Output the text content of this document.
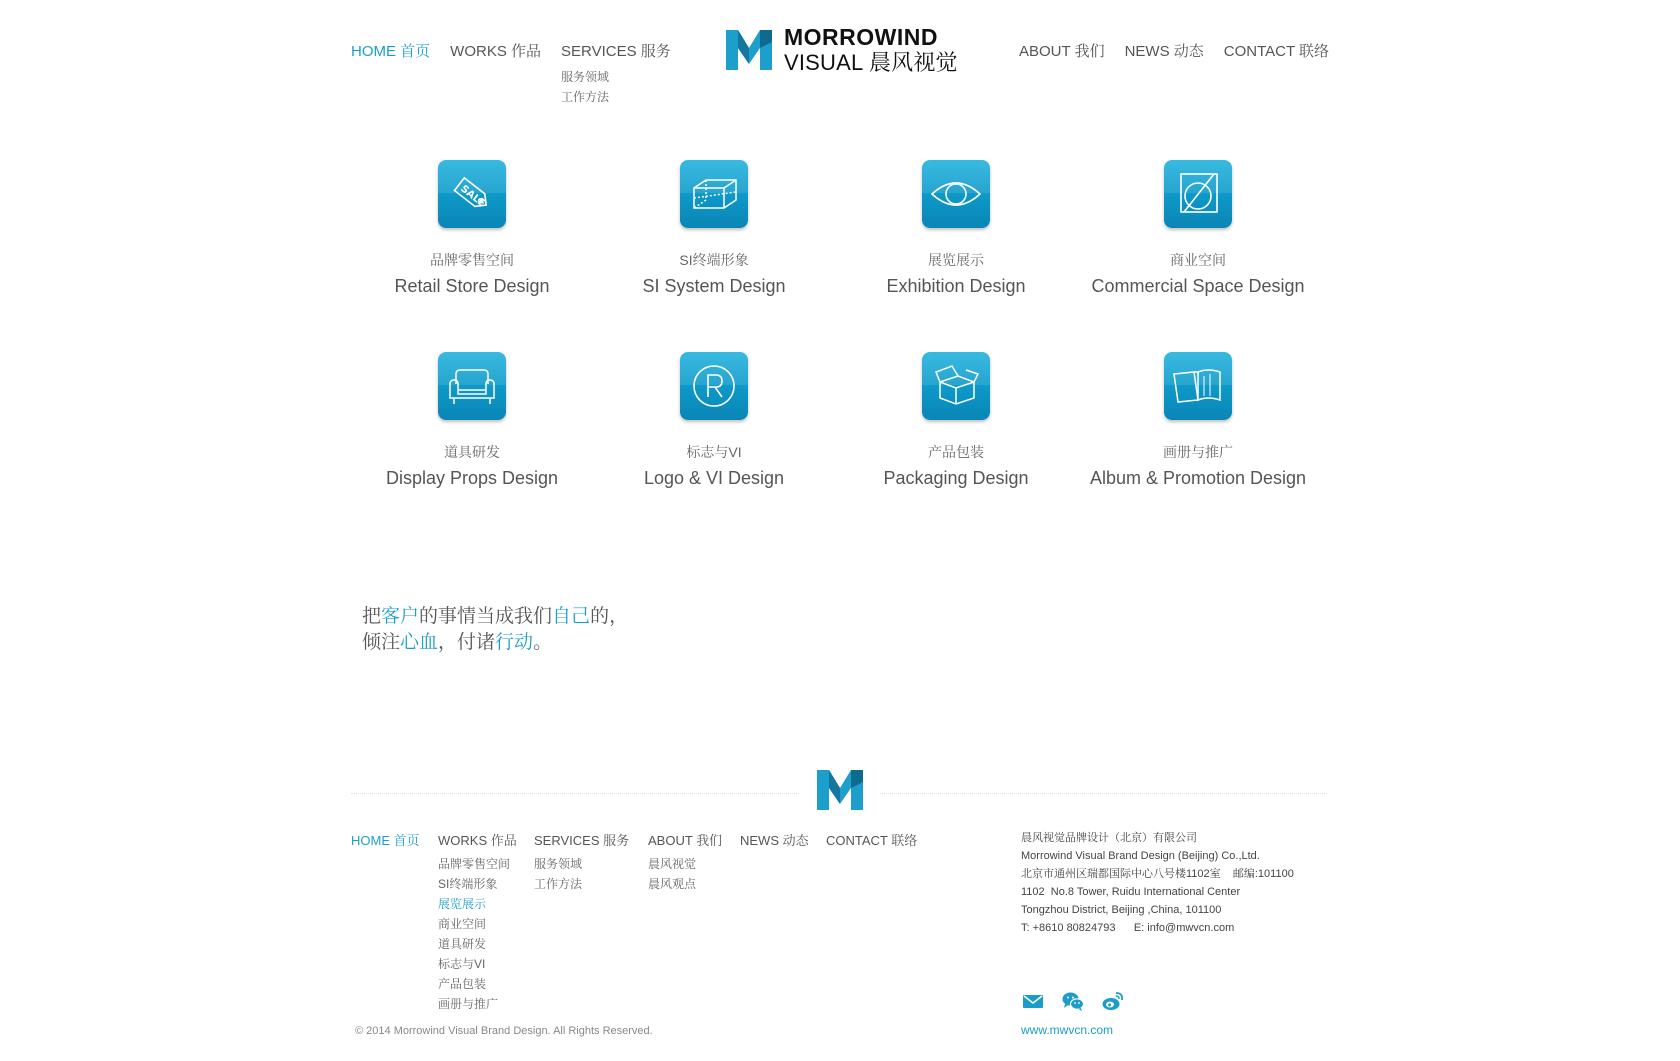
HOME 首页 WORKS 作品 SERVICES 服务
服务领域
工作方法
MORROWIND
VISUAL 晨风视觉	ABOUT 我们 NEWS 动态 CONTACT 联络
SALE
品牌零售空间
Retail Store Design
SI终端形象
SI System Design
展览展示
Exhibition Design
商业空间
Commercial Space Design
道具研发
Display Props Design
标志与VI
Logo & VI Design
产品包装
Packaging Design
画册与推广
Album & Promotion Design
把客户的事情当成我们自己的，
倾注心血，付诸行动。
HOME 首页 WORKS 作品
品牌零售空间
SI终端形象
展览展示
商业空间
道具研发
标志与VI
产品包装
画册与推广
SERVICES 服务
服务领域
工作方法
ABOUT 我们
晨风视觉
晨风观点
NEWS 动态 CONTACT 联络
© 2014 Morrowind Visual Brand Design. All Rights Reserved.
晨风视觉品牌设计（北京）有限公司
Morrowind Visual Brand Design (Beijing) Co.,Ltd.
北京市通州区瑞都国际中心八号楼1102室    邮编:101100
1102  No.8 Tower, Ruidu International Center
Tongzhou District, Beijing ,China, 101100
T: +8610 80824793      E: info@mwvcn.com
www.mwvcn.com
